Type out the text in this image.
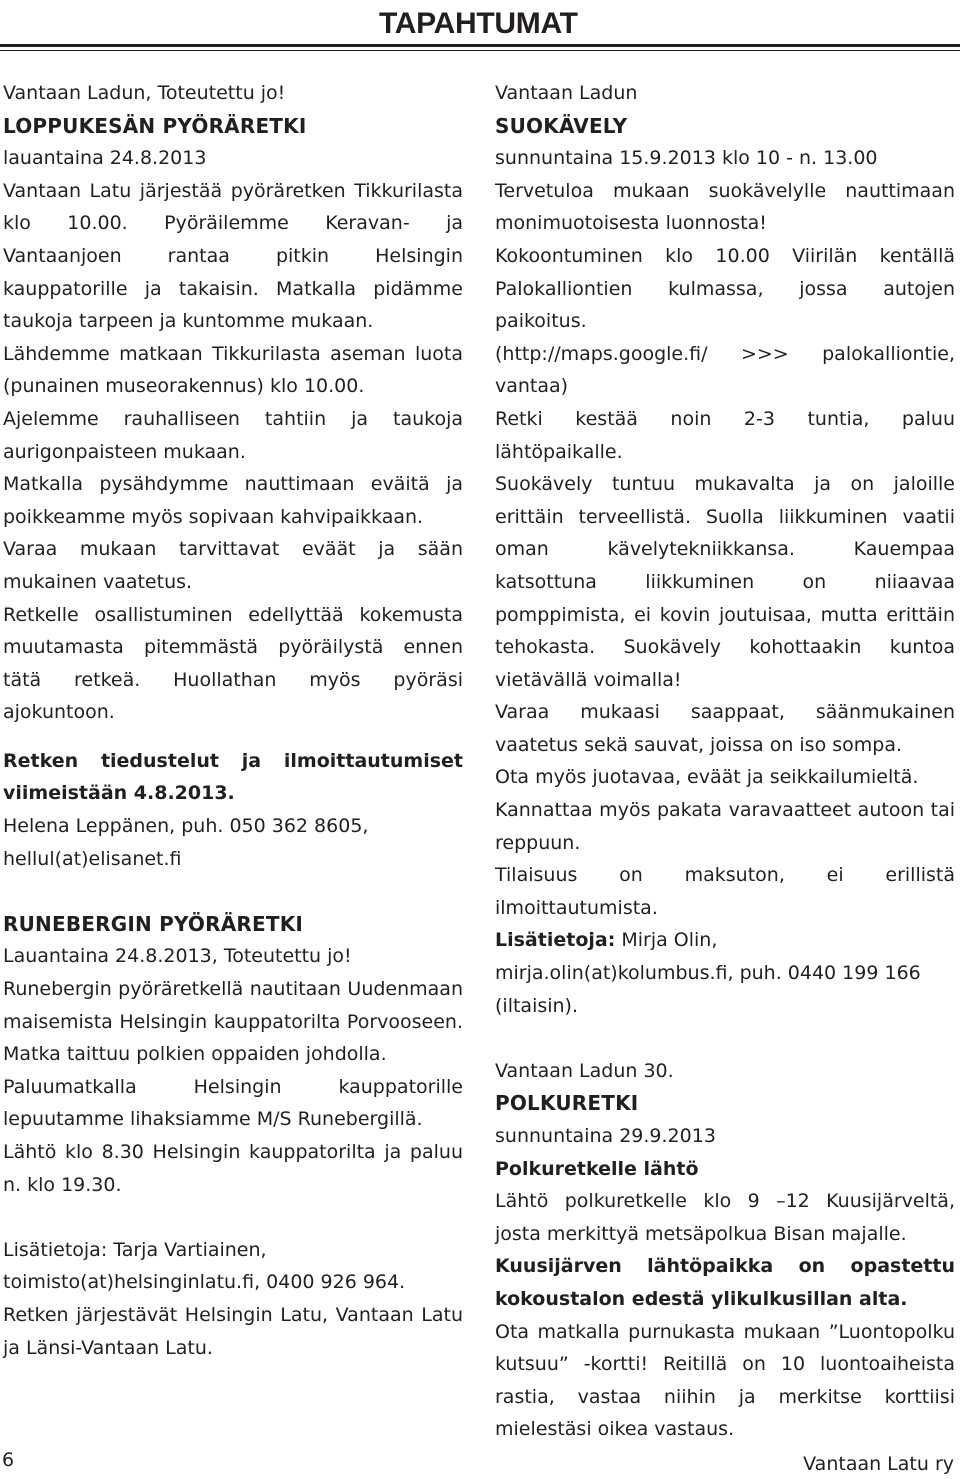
TAPAHTUMAT

Vantaan Ladun, Toteutettu jo!

LOPPUKESÄN PYÖRÄRETKI

lauantaina 24.8.2013

Vantaan Latu järjestää pyöräretken Tikkurilasta klo 10.00. Pyöräilemme Keravan- ja Vantaanjoen rantaa pitkin Helsingin kauppatorille ja takaisin. Matkalla pidämme taukoja tarpeen ja kuntomme mukaan.

Lähdemme matkaan Tikkurilasta aseman luota (punainen museorakennus) klo 10.00.

Ajelemme rauhalliseen tahtiin ja taukoja aurigonpaisteen mukaan.

Matkalla pysähdymme nauttimaan eväitä ja poikkeamme myös sopivaan kahvipaikkaan.

Varaa mukaan tarvittavat eväät ja sään mukainen vaatetus.

Retkelle osallistuminen edellyttää kokemusta muutamasta pitemmästä pyöräilystä ennen tätä retkeä. Huollathan myös pyöräsi ajokuntoon.

Retken tiedustelut ja ilmoittautumiset viimeistään 4.8.2013.

Helena Leppänen, puh. 050 362 8605, hellul(at)elisanet.fi

RUNEBERGIN PYÖRÄRETKI

Lauantaina 24.8.2013, Toteutettu jo!

Runebergin pyöräretkellä nautitaan Uudenmaan maisemista Helsingin kauppatorilta Porvooseen. Matka taittuu polkien oppaiden johdolla.

Paluumatkalla Helsingin kauppatorille lepuutamme lihaksiamme M/S Runebergillä.

Lähtö klo 8.30 Helsingin kauppatorilta ja paluu n. klo 19.30.

Lisätietoja: Tarja Vartiainen, toimisto(at)helsinginlatu.fi, 0400 926 964.

Retken järjestävät Helsingin Latu, Vantaan Latu ja Länsi-Vantaan Latu.

Vantaan Ladun

SUOKÄVELY

sunnuntaina 15.9.2013 klo 10 - n. 13.00

Tervetuloa mukaan suokävelylle nauttimaan monimuotoisesta luonnosta!

Kokoontuminen klo 10.00 Viirilän kentällä Palokalliontien kulmassa, jossa autojen paikoitus.

(http://maps.google.fi/ >>> palokalliontie, vantaa)

Retki kestää noin 2-3 tuntia, paluu lähtöpaikalle.

Suokävely tuntuu mukavalta ja on jaloille erittäin terveellistä. Suolla liikkuminen vaatii oman kävelytekniikkansa. Kauempaa katsottuna liikkuminen on niiaavaa pomppimista, ei kovin joutuisaa, mutta erittäin tehokasta. Suokävely kohottaakin kuntoa vietävällä voimalla!

Varaa mukaasi saappaat, säänmukainen vaatetus sekä sauvat, joissa on iso sompa.

Ota myös juotavaa, eväät ja seikkailumieltä.

Kannattaa myös pakata varavaatteet autoon tai reppuun.

Tilaisuus on maksuton, ei erillistä ilmoittautumista.

Lisätietoja: Mirja Olin, mirja.olin(at)kolumbus.fi, puh. 0440 199 166 (iltaisin).

Vantaan Ladun 30.

POLKURETKI

sunnuntaina 29.9.2013

Polkuretkelle lähtö

Lähtö polkuretkelle klo 9 –12 Kuusijärveltä, josta merkittyä metsäpolkua Bisan majalle.

Kuusijärven lähtöpaikka on opastettu kokoustalon edestä ylikulkusillan alta.

Ota matkalla purnukasta mukaan ”Luontopolku kutsuu” -kortti! Reitillä on 10 luontoaiheista rastia, vastaa niihin ja merkitse korttiisi mielestäsi oikea vastaus.

6	Vantaan Latu ry
